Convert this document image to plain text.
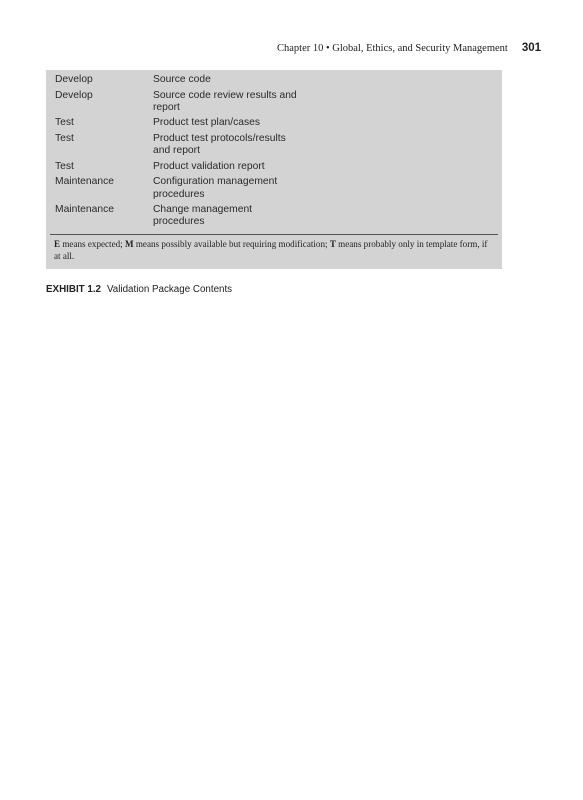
Chapter 10 • Global, Ethics, and Security Management 301
Develop	Source code
Develop	Source code review results and report
Test	Product test plan/cases
Test	Product test protocols/results and report
Test	Product validation report
Maintenance	Configuration management procedures
Maintenance	Change management procedures
E means expected; M means possibly available but requiring modification; T means probably only in template form, if at all.
EXHIBIT 1.2 Validation Package Contents
